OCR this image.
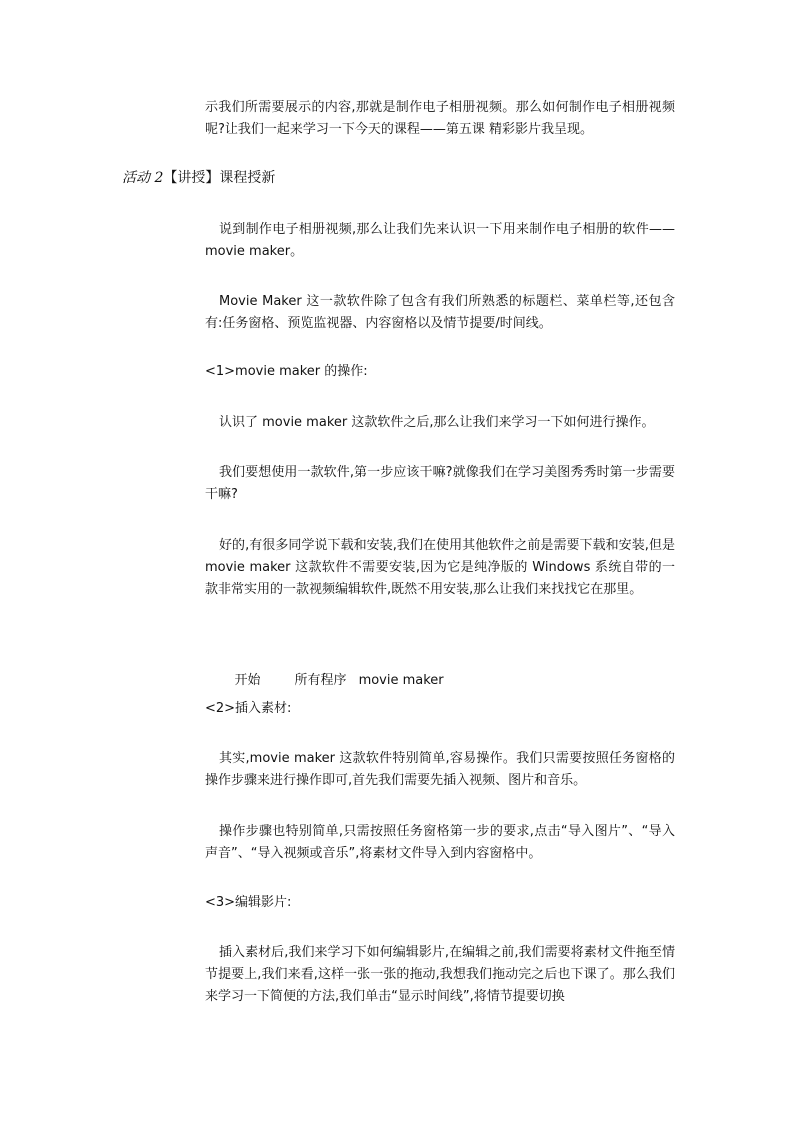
示我们所需要展示的内容,那就是制作电子相册视频。那么如何制作电子相册视频呢?让我们一起来学习一下今天的课程——第五课 精彩影片我呈现。

活动 2【讲授】课程授新

说到制作电子相册视频,那么让我们先来认识一下用来制作电子相册的软件——movie maker。

Movie Maker 这一款软件除了包含有我们所熟悉的标题栏、菜单栏等,还包含有:任务窗格、预览监视器、内容窗格以及情节提要/时间线。

<1>movie maker 的操作:

认识了 movie maker 这款软件之后,那么让我们来学习一下如何进行操作。

我们要想使用一款软件,第一步应该干嘛?就像我们在学习美图秀秀时第一步需要干嘛?

好的,有很多同学说下载和安装,我们在使用其他软件之前是需要下载和安装,但是 movie maker 这款软件不需要安装,因为它是纯净版的 Windows 系统自带的一款非常实用的一款视频编辑软件,既然不用安装,那么让我们来找找它在那里。

开始	所有程序 movie maker

<2>插入素材:

其实,movie maker 这款软件特别简单,容易操作。我们只需要按照任务窗格的操作步骤来进行操作即可,首先我们需要先插入视频、图片和音乐。

操作步骤也特别简单,只需按照任务窗格第一步的要求,点击“导入图片”、“导入声音”、“导入视频或音乐”,将素材文件导入到内容窗格中。

<3>编辑影片:

插入素材后,我们来学习下如何编辑影片,在编辑之前,我们需要将素材文件拖至情节提要上,我们来看,这样一张一张的拖动,我想我们拖动完之后也下课了。那么我们来学习一下简便的方法,我们单击“显示时间线”,将情节提要切换
